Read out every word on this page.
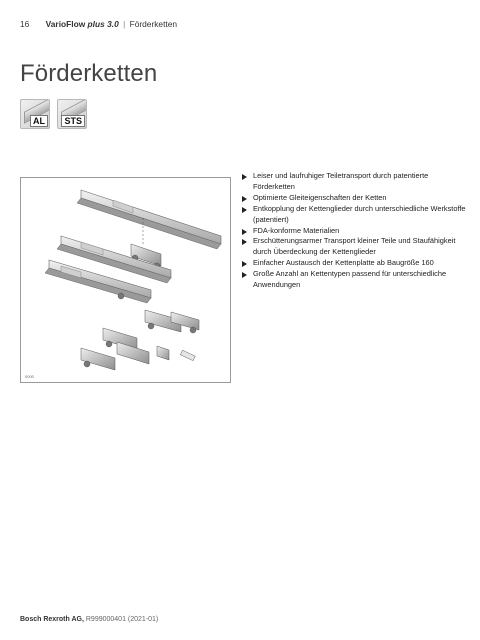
16 VarioFlow plus 3.0 | Förderketten
Förderketten
AL	STS
0000
Leiser und laufruhiger Teiletransport durch patentierte Förderketten
Optimierte Gleiteigenschaften der Ketten
Entkopplung der Kettenglieder durch unterschiedliche Werkstoffe (patentiert)
FDA-konforme Materialien
Erschütterungsarmer Transport kleiner Teile und Staufähigkeit durch Überdeckung der Kettenglieder
Einfacher Austausch der Kettenplatte ab Baugröße 160
Große Anzahl an Kettentypen passend für unterschiedliche Anwendungen
Bosch Rexroth AG, R999000401 (2021-01)
